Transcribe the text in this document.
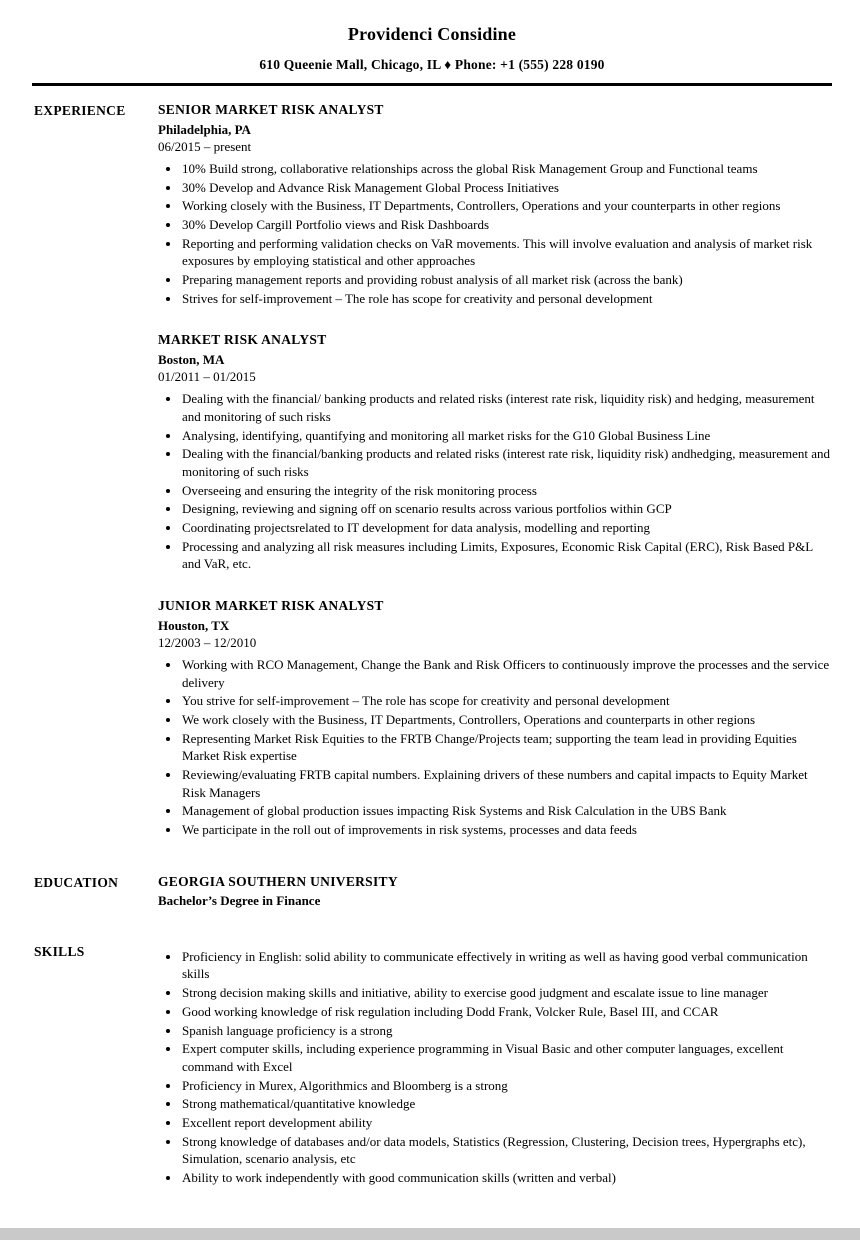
Providenci Considine
610 Queenie Mall, Chicago, IL ♦ Phone: +1 (555) 228 0190
EXPERIENCE	SENIOR MARKET RISK ANALYST
Philadelphia, PA
06/2015 – present
• 10% Build strong, collaborative relationships across the global Risk Management Group and Functional teams
• 30% Develop and Advance Risk Management Global Process Initiatives
• Working closely with the Business, IT Departments, Controllers, Operations and your counterparts in other regions
• 30% Develop Cargill Portfolio views and Risk Dashboards
• Reporting and performing validation checks on VaR movements. This will involve evaluation and analysis of market risk exposures by employing statistical and other approaches
• Preparing management reports and providing robust analysis of all market risk (across the bank)
• Strives for self-improvement – The role has scope for creativity and personal development
MARKET RISK ANALYST
Boston, MA
01/2011 – 01/2015
• Dealing with the financial/ banking products and related risks (interest rate risk, liquidity risk) and hedging, measurement and monitoring of such risks
• Analysing, identifying, quantifying and monitoring all market risks for the G10 Global Business Line
• Dealing with the financial/banking products and related risks (interest rate risk, liquidity risk) andhedging, measurement and monitoring of such risks
• Overseeing and ensuring the integrity of the risk monitoring process
• Designing, reviewing and signing off on scenario results across various portfolios within GCP
• Coordinating projectsrelated to IT development for data analysis, modelling and reporting
• Processing and analyzing all risk measures including Limits, Exposures, Economic Risk Capital (ERC), Risk Based P&L and VaR, etc.
JUNIOR MARKET RISK ANALYST
Houston, TX
12/2003 – 12/2010
• Working with RCO Management, Change the Bank and Risk Officers to continuously improve the processes and the service delivery
• You strive for self-improvement – The role has scope for creativity and personal development
• We work closely with the Business, IT Departments, Controllers, Operations and counterparts in other regions
• Representing Market Risk Equities to the FRTB Change/Projects team; supporting the team lead in providing Equities Market Risk expertise
• Reviewing/evaluating FRTB capital numbers. Explaining drivers of these numbers and capital impacts to Equity Market Risk Managers
• Management of global production issues impacting Risk Systems and Risk Calculation in the UBS Bank
• We participate in the roll out of improvements in risk systems, processes and data feeds
EDUCATION	GEORGIA SOUTHERN UNIVERSITY
Bachelor’s Degree in Finance
SKILLS	• Proficiency in English: solid ability to communicate effectively in writing as well as having good verbal communication skills
• Strong decision making skills and initiative, ability to exercise good judgment and escalate issue to line manager
• Good working knowledge of risk regulation including Dodd Frank, Volcker Rule, Basel III, and CCAR
• Spanish language proficiency is a strong
• Expert computer skills, including experience programming in Visual Basic and other computer languages, excellent command with Excel
• Proficiency in Murex, Algorithmics and Bloomberg is a strong
• Strong mathematical/quantitative knowledge
• Excellent report development ability
• Strong knowledge of databases and/or data models, Statistics (Regression, Clustering, Decision trees, Hypergraphs etc), Simulation, scenario analysis, etc
• Ability to work independently with good communication skills (written and verbal)
